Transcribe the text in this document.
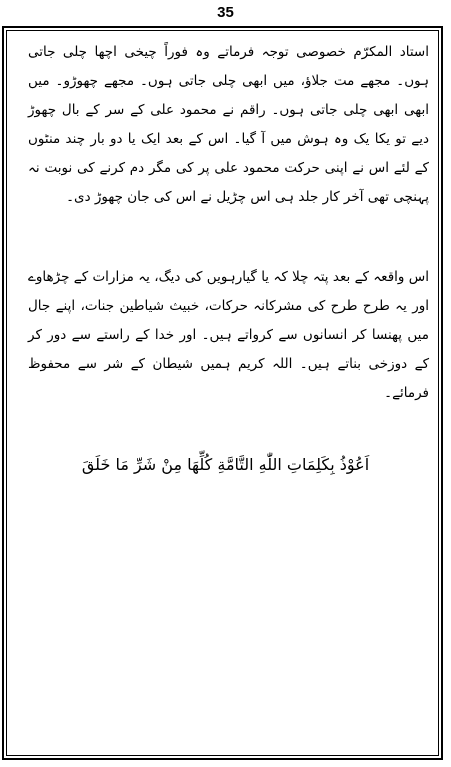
35

استاد المکرّم خصوصی توجہ فرماتے وہ فوراً چیخی اچھا چلی جاتی ہوں۔ مجھے مت جلاؤ، میں ابھی چلی جاتی ہوں۔ مجھے چھوڑو۔ میں ابھی ابھی چلی جاتی ہوں۔ راقم نے محمود علی کے سر کے بال چھوڑ دیے تو یکا یک وہ ہوش میں آ گیا۔ اس کے بعد ایک یا دو بار چند منٹوں کے لئے اس نے اپنی حرکت محمود علی پر کی مگر دم کرنے کی نوبت نہ پہنچی تھی آخر کار جلد ہی اس چڑیل نے اس کی جان چھوڑ دی۔

اس واقعہ کے بعد پتہ چلا کہ یا گیارہویں کی دیگ، یہ مزارات کے چڑھاوے اور یہ طرح طرح کی مشرکانہ حرکات، خبیث شیاطین جنات، اپنے جال میں پھنسا کر انسانوں سے کرواتے ہیں۔ اور خدا کے راستے سے دور کر کے دوزخی بناتے ہیں۔ اللہ کریم ہمیں شیطان کے شر سے محفوظ فرمائے۔

اَعُوْذُ بِكَلِمَاتِ اللّٰهِ التَّامَّةِ كُلِّهَا مِنْ شَرِّ مَا خَلَقَ
